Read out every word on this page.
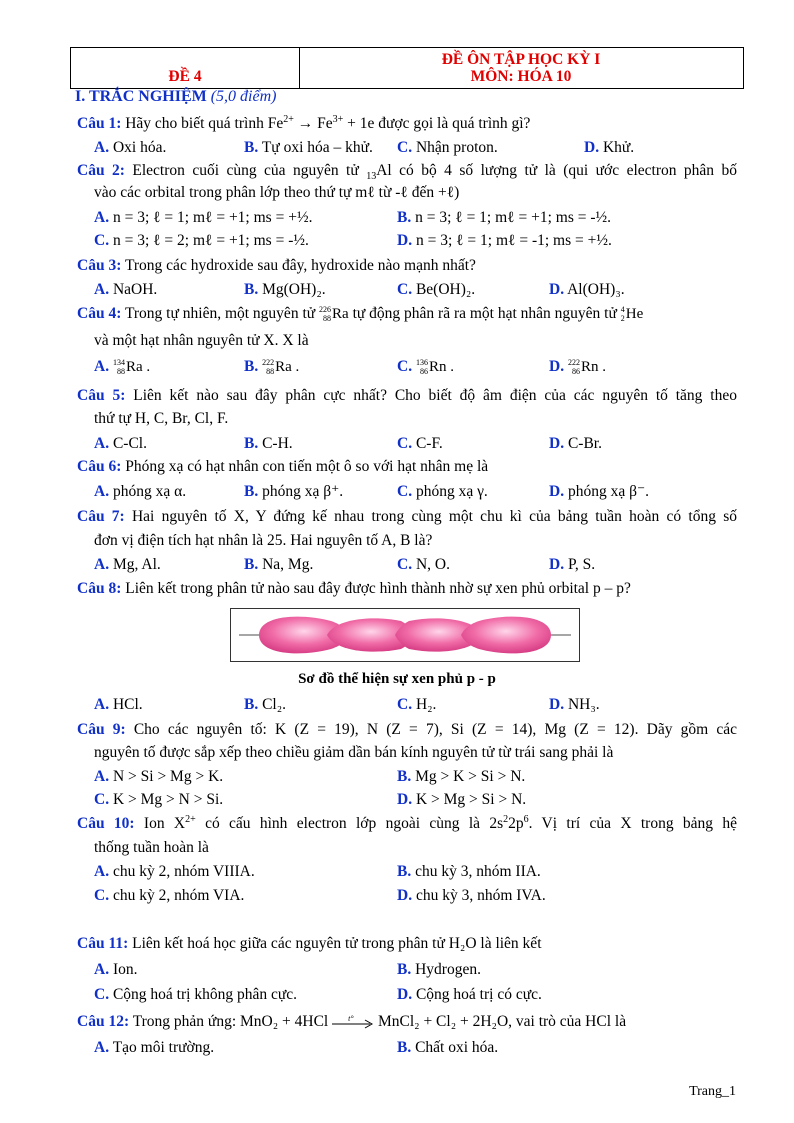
ĐỀ 4
ĐỀ ÔN TẬP HỌC KỲ I
MÔN: HÓA 10
I. TRẮC NGHIỆM (5,0 điểm)
Câu 1: Hãy cho biết quá trình $Fe^{2+} \to Fe^{3+} + 1e$ được gọi là quá trình gì?
A. Oxi hóa.	B. Tự oxi hóa – khử. C. Nhận proton.	D. Khử.
Câu 2: Electron cuối cùng của nguyên tử $_{13}$Al có bộ 4 số lượng tử là (qui ước electron phân bố
vào các orbital trong phân lớp theo thứ tự mℓ từ -ℓ đến +ℓ)
A. n = 3; ℓ = 1; mℓ = +1; ms = +½.	B. n = 3; ℓ = 1; mℓ = +1; ms = -½.
C. n = 3; ℓ = 2; mℓ = +1; ms = -½.	D. n = 3; ℓ = 1; mℓ = -1; ms = +½.
Câu 3: Trong các hydroxide sau đây, hydroxide nào mạnh nhất?
A. NaOH.	B. Mg(OH)₂.	C. Be(OH)₂.	D. Al(OH)₃.
Câu 4: Trong tự nhiên, một nguyên tử 226
88 Ra tự động phân rã ra một hạt nhân nguyên tử 4
2 He
và một hạt nhân nguyên tử X. X là
A. 134
88 Ra .	B. 222
88 Ra .	C. 136
86 Rn .	D. 222
86 Rn .
Câu 5: Liên kết nào sau đây phân cực nhất? Cho biết độ âm điện của các nguyên tố tăng theo
thứ tự H, C, Br, Cl, F.
A. C-Cl.	B. C-H.	C. C-F.	D. C-Br.
Câu 6: Phóng xạ có hạt nhân con tiến một ô so với hạt nhân mẹ là
A. phóng xạ α.	B. phóng xạ β⁺.	C. phóng xạ γ.	D. phóng xạ β⁻.
Câu 7: Hai nguyên tố X, Y đứng kế nhau trong cùng một chu kì của bảng tuần hoàn có tổng số
đơn vị điện tích hạt nhân là 25. Hai nguyên tố A, B là?
A. Mg, Al.	B. Na, Mg.	C. N, O.	D. P, S.
Câu 8: Liên kết trong phân tử nào sau đây được hình thành nhờ sự xen phủ orbital p – p?
Sơ đồ thể hiện sự xen phủ p - p
A. HCl.	B. Cl₂.	C. H₂.	D. NH₃.
Câu 9: Cho các nguyên tố: K (Z = 19), N (Z = 7), Si (Z = 14), Mg (Z = 12). Dãy gồm các
nguyên tố được sắp xếp theo chiều giảm dần bán kính nguyên tử từ trái sang phải là
A. N > Si > Mg > K.	B. Mg > K > Si > N.
C. K > Mg > N > Si.	D. K > Mg > Si > N.
Câu 10: Ion $X^{2+}$ có cấu hình electron lớp ngoài cùng là $2s^22p^6$. Vị trí của X trong bảng hệ
thống tuần hoàn là
A. chu kỳ 2, nhóm VIIIA.	B. chu kỳ 3, nhóm IIA.
C. chu kỳ 2, nhóm VIA.	D. chu kỳ 3, nhóm IVA.
Câu 11: Liên kết hoá học giữa các nguyên tử trong phân tử H₂O là liên kết
A. Ion.	B. Hydrogen.
C. Cộng hoá trị không phân cực.	D. Cộng hoá trị có cực.
Câu 12: Trong phản ứng: MnO₂ + 4HCl t° MnCl₂ + Cl₂ + 2H₂O, vai trò của HCl là
A. Tạo môi trường.	B. Chất oxi hóa.
Trang_1
